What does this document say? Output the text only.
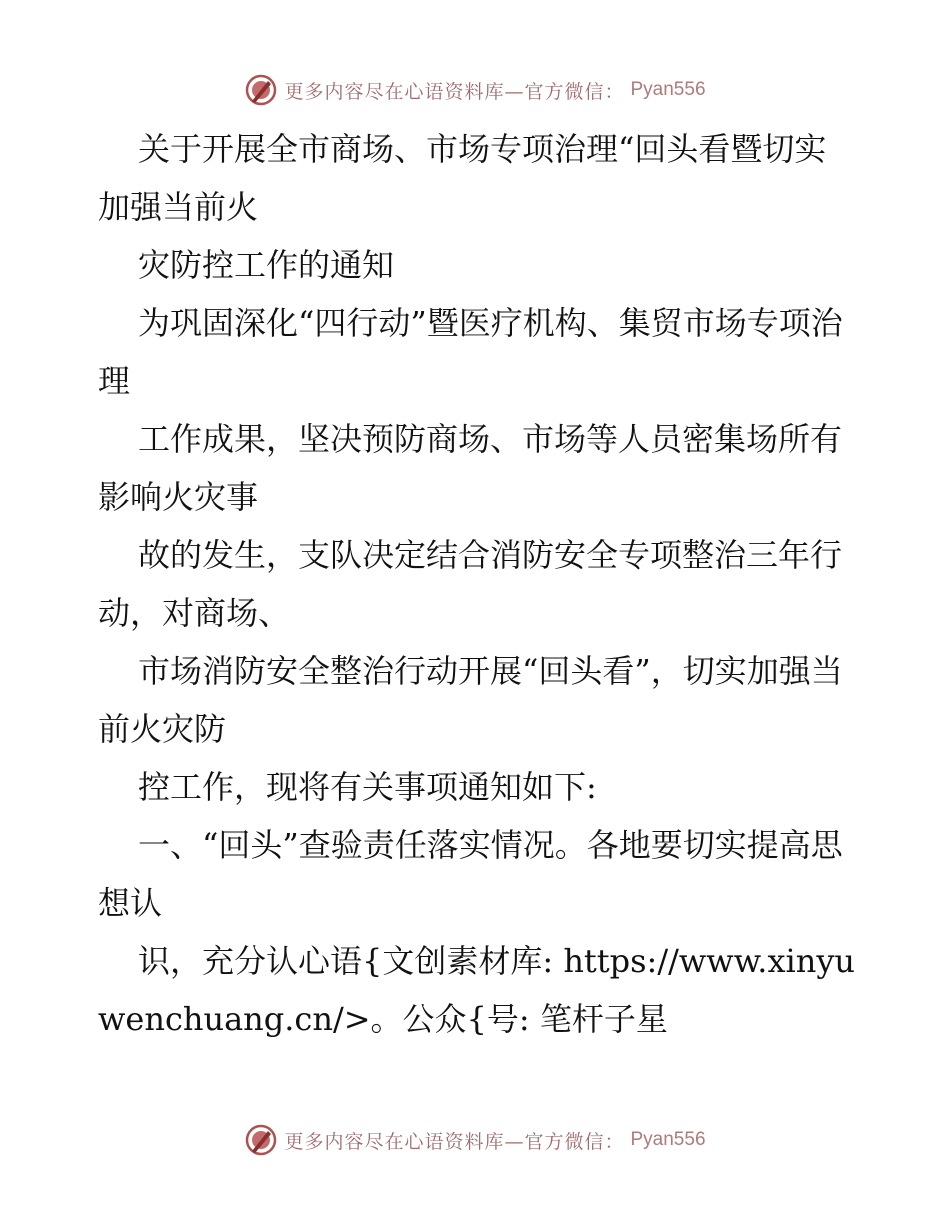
更多内容尽在心语资料库—官方微信： Pyan556

关于开展全市商场、市场专项治理“回头看暨切实加强当前火

灾防控工作的通知

为巩固深化“四行动”暨医疗机构、集贸市场专项治理

工作成果，坚决预防商场、市场等人员密集场所有影响火灾事

故的发生，支队决定结合消防安全专项整治三年行动，对商场、

市场消防安全整治行动开展“回头看”，切实加强当前火灾防

控工作，现将有关事项通知如下:

一、“回头”查验责任落实情况。各地要切实提高思想认

识，充分认心语{文创素材库: https://www.xinyuwenchuang.cn/>。公众{号: 笔杆子星

更多内容尽在心语资料库—官方微信： Pyan556
